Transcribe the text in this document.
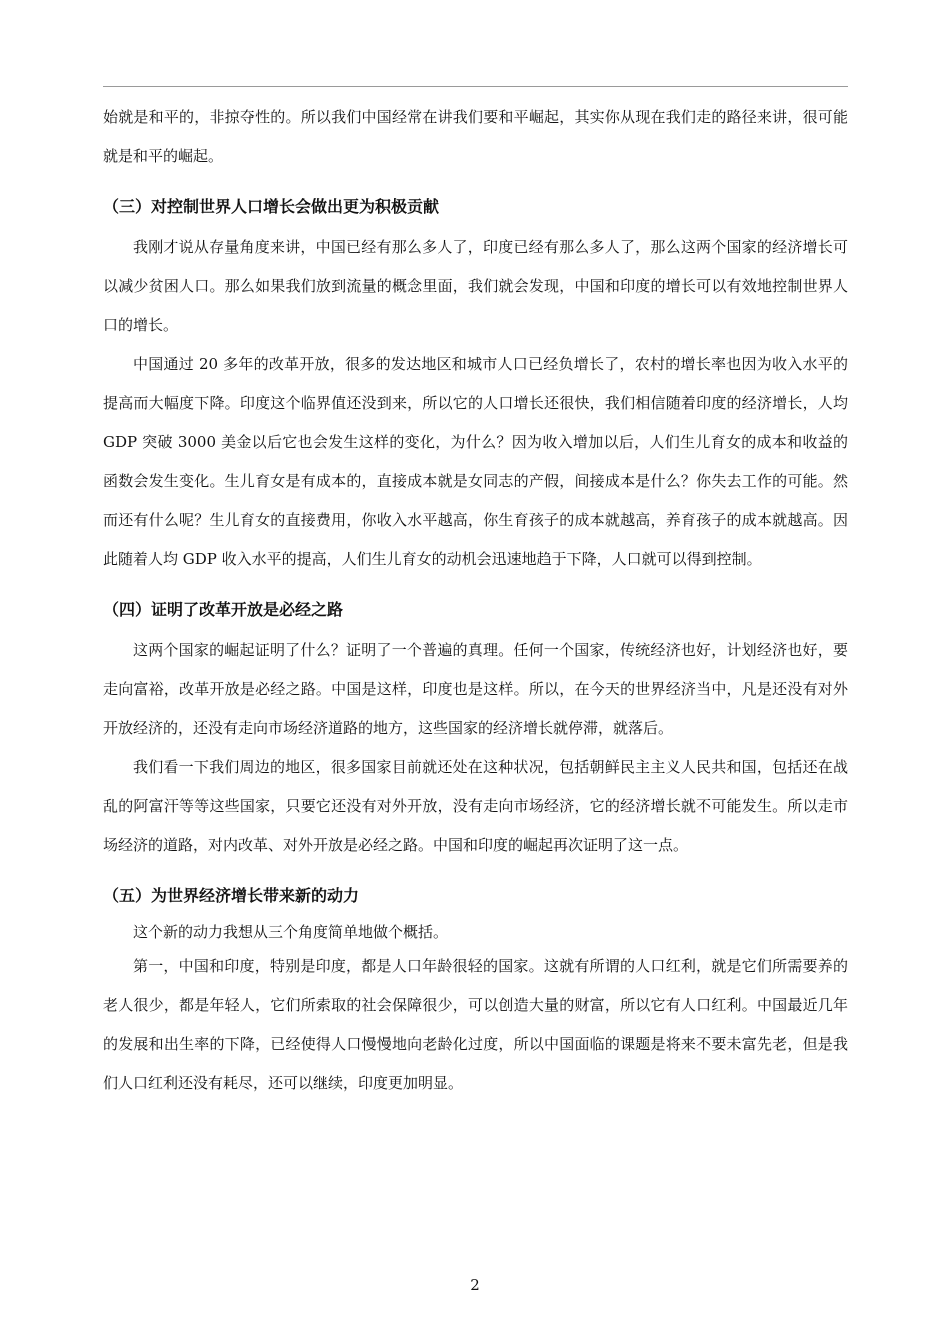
始就是和平的，非掠夺性的。所以我们中国经常在讲我们要和平崛起，其实你从现在我们走的路径来讲，很可能就是和平的崛起。

（三）对控制世界人口增长会做出更为积极贡献

我刚才说从存量角度来讲，中国已经有那么多人了，印度已经有那么多人了，那么这两个国家的经济增长可以减少贫困人口。那么如果我们放到流量的概念里面，我们就会发现，中国和印度的增长可以有效地控制世界人口的增长。

中国通过 20 多年的改革开放，很多的发达地区和城市人口已经负增长了，农村的增长率也因为收入水平的提高而大幅度下降。印度这个临界值还没到来，所以它的人口增长还很快，我们相信随着印度的经济增长，人均 GDP 突破 3000 美金以后它也会发生这样的变化，为什么？因为收入增加以后，人们生儿育女的成本和收益的函数会发生变化。生儿育女是有成本的，直接成本就是女同志的产假，间接成本是什么？你失去工作的可能。然而还有什么呢？生儿育女的直接费用，你收入水平越高，你生育孩子的成本就越高，养育孩子的成本就越高。因此随着人均 GDP 收入水平的提高，人们生儿育女的动机会迅速地趋于下降，人口就可以得到控制。

（四）证明了改革开放是必经之路

这两个国家的崛起证明了什么？证明了一个普遍的真理。任何一个国家，传统经济也好，计划经济也好，要走向富裕，改革开放是必经之路。中国是这样，印度也是这样。所以，在今天的世界经济当中，凡是还没有对外开放经济的，还没有走向市场经济道路的地方，这些国家的经济增长就停滞，就落后。

我们看一下我们周边的地区，很多国家目前就还处在这种状况，包括朝鲜民主主义人民共和国，包括还在战乱的阿富汗等等这些国家，只要它还没有对外开放，没有走向市场经济，它的经济增长就不可能发生。所以走市场经济的道路，对内改革、对外开放是必经之路。中国和印度的崛起再次证明了这一点。

（五）为世界经济增长带来新的动力

这个新的动力我想从三个角度简单地做个概括。

第一，中国和印度，特别是印度，都是人口年龄很轻的国家。这就有所谓的人口红利，就是它们所需要养的老人很少，都是年轻人，它们所索取的社会保障很少，可以创造大量的财富，所以它有人口红利。中国最近几年的发展和出生率的下降，已经使得人口慢慢地向老龄化过度，所以中国面临的课题是将来不要未富先老，但是我们人口红利还没有耗尽，还可以继续，印度更加明显。

2
